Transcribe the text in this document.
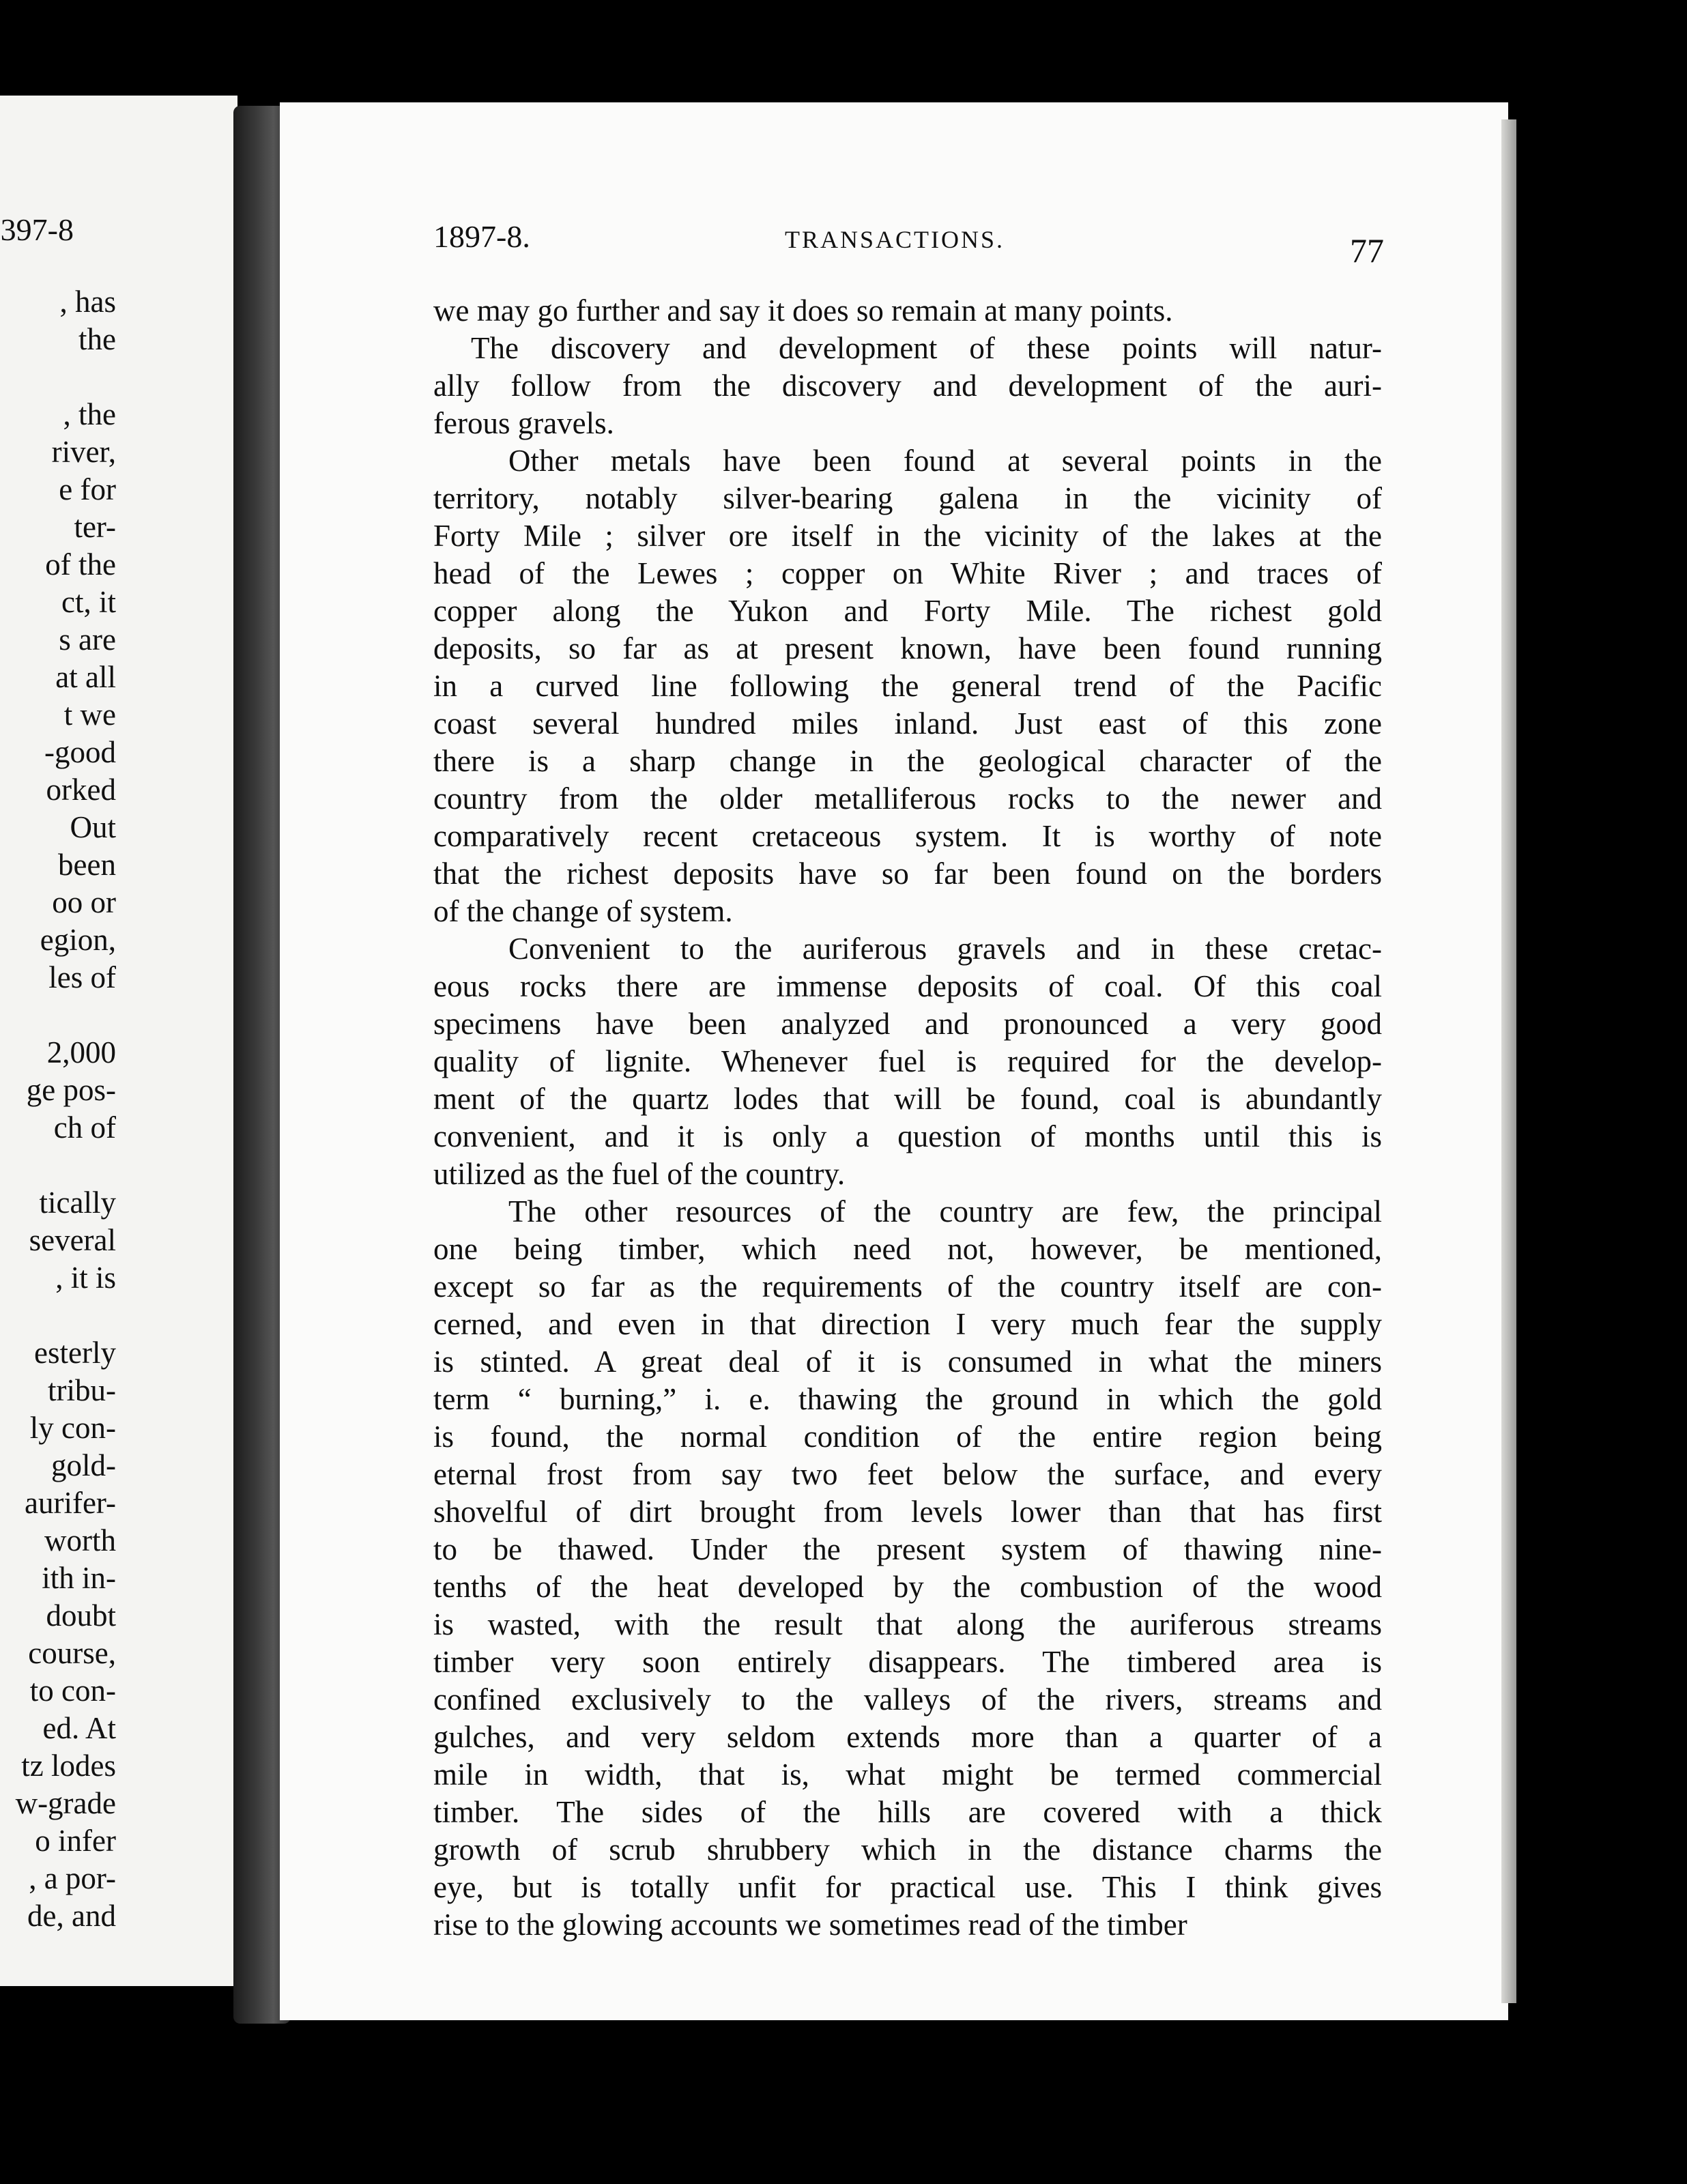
397-8
, has
the
, the
river,
e for
ter-
of the
ct, it
s are
at all
t we
-good
orked
Out
been
oo or
egion,
les of
2,000
ge pos-
ch of
tically
several
, it is
esterly
tribu-
ly con-
gold-
aurifer-
worth
ith in-
doubt
course,
to con-
ed. At
tz lodes
w-grade
o infer
, a por-
de, and
1897-8.	TRANSACTIONS.	77
we may go further and say it does so remain at many points.
The discovery and development of these points will natur-
ally follow from the discovery and development of the auri-
ferous gravels.
Other metals have been found at several points in the
territory, notably silver-bearing galena in the vicinity of
Forty Mile ; silver ore itself in the vicinity of the lakes at the
head of the Lewes ; copper on White River ; and traces of
copper along the Yukon and Forty Mile. The richest gold
deposits, so far as at present known, have been found running
in a curved line following the general trend of the Pacific
coast several hundred miles inland. Just east of this zone
there is a sharp change in the geological character of the
country from the older metalliferous rocks to the newer and
comparatively recent cretaceous system. It is worthy of note
that the richest deposits have so far been found on the borders
of the change of system.
Convenient to the auriferous gravels and in these cretac-
eous rocks there are immense deposits of coal. Of this coal
specimens have been analyzed and pronounced a very good
quality of lignite. Whenever fuel is required for the develop-
ment of the quartz lodes that will be found, coal is abundantly
convenient, and it is only a question of months until this is
utilized as the fuel of the country.
The other resources of the country are few, the principal
one being timber, which need not, however, be mentioned,
except so far as the requirements of the country itself are con-
cerned, and even in that direction I very much fear the supply
is stinted. A great deal of it is consumed in what the miners
term “ burning,” i. e. thawing the ground in which the gold
is found, the normal condition of the entire region being
eternal frost from say two feet below the surface, and every
shovelful of dirt brought from levels lower than that has first
to be thawed. Under the present system of thawing nine-
tenths of the heat developed by the combustion of the wood
is wasted, with the result that along the auriferous streams
timber very soon entirely disappears. The timbered area is
confined exclusively to the valleys of the rivers, streams and
gulches, and very seldom extends more than a quarter of a
mile in width, that is, what might be termed commercial
timber. The sides of the hills are covered with a thick
growth of scrub shrubbery which in the distance charms the
eye, but is totally unfit for practical use. This I think gives
rise to the glowing accounts we sometimes read of the timber
